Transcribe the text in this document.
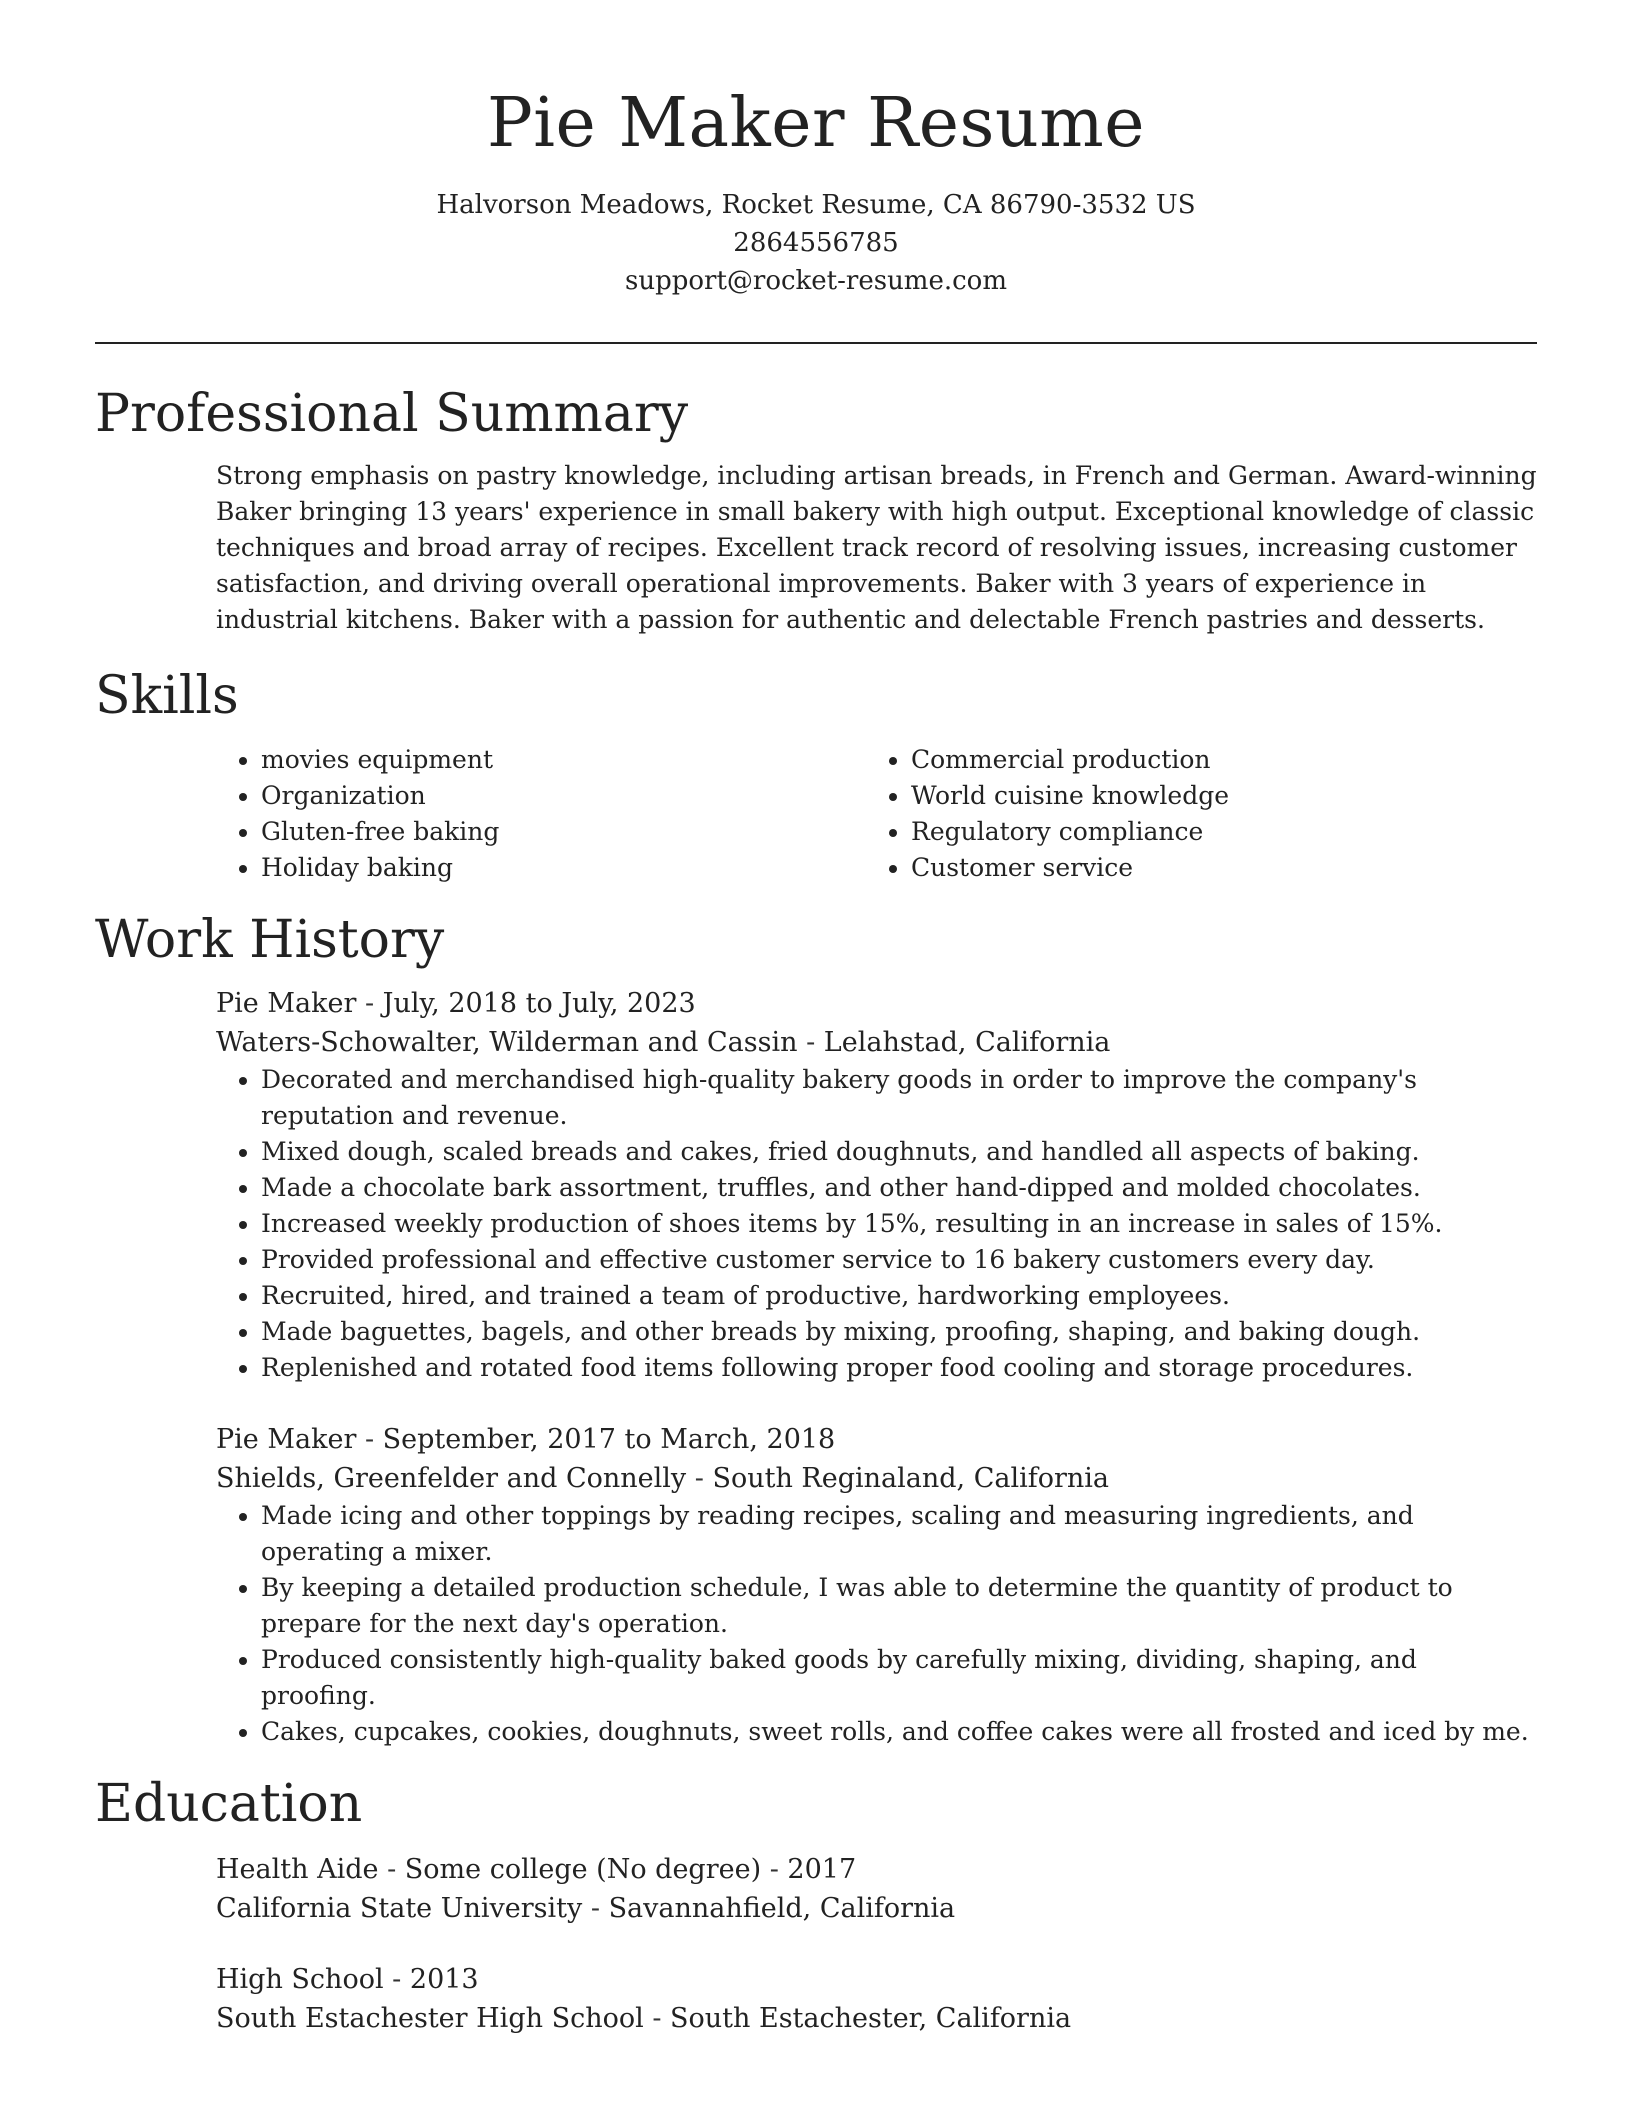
Pie Maker Resume
Halvorson Meadows, Rocket Resume, CA 86790-3532 US
2864556785
support@rocket-resume.com
Professional Summary
Strong emphasis on pastry knowledge, including artisan breads, in French and German. Award-winning Baker bringing 13 years' experience in small bakery with high output. Exceptional knowledge of classic techniques and broad array of recipes. Excellent track record of resolving issues, increasing customer satisfaction, and driving overall operational improvements. Baker with 3 years of experience in industrial kitchens. Baker with a passion for authentic and delectable French pastries and desserts.
Skills
• movies equipment
• Organization
• Gluten-free baking
• Holiday baking
• Commercial production
• World cuisine knowledge
• Regulatory compliance
• Customer service
Work History
Pie Maker - July, 2018 to July, 2023
Waters-Schowalter, Wilderman and Cassin - Lelahstad, California
• Decorated and merchandised high-quality bakery goods in order to improve the company's reputation and revenue.
• Mixed dough, scaled breads and cakes, fried doughnuts, and handled all aspects of baking.
• Made a chocolate bark assortment, truffles, and other hand-dipped and molded chocolates.
• Increased weekly production of shoes items by 15%, resulting in an increase in sales of 15%.
• Provided professional and effective customer service to 16 bakery customers every day.
• Recruited, hired, and trained a team of productive, hardworking employees.
• Made baguettes, bagels, and other breads by mixing, proofing, shaping, and baking dough.
• Replenished and rotated food items following proper food cooling and storage procedures.
Pie Maker - September, 2017 to March, 2018
Shields, Greenfelder and Connelly - South Reginaland, California
• Made icing and other toppings by reading recipes, scaling and measuring ingredients, and operating a mixer.
• By keeping a detailed production schedule, I was able to determine the quantity of product to prepare for the next day's operation.
• Produced consistently high-quality baked goods by carefully mixing, dividing, shaping, and proofing.
• Cakes, cupcakes, cookies, doughnuts, sweet rolls, and coffee cakes were all frosted and iced by me.
Education
Health Aide - Some college (No degree) - 2017
California State University - Savannahfield, California
High School - 2013
South Estachester High School - South Estachester, California
